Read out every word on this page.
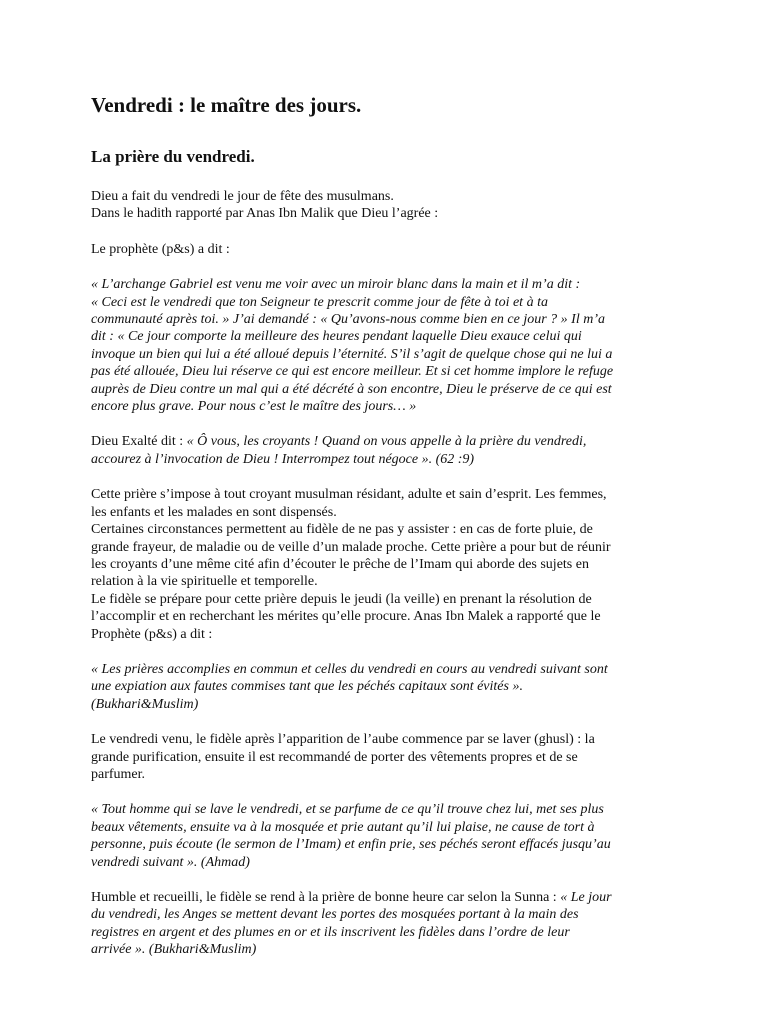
Vendredi : le maître des jours.
La prière du vendredi.

Dieu a fait du vendredi le jour de fête des musulmans.
Dans le hadith rapporté par Anas Ibn Malik que Dieu l’agrée :

Le prophète (p&s) a dit :

« L’archange Gabriel est venu me voir avec un miroir blanc dans la main et il m’a dit :
« Ceci est le vendredi que ton Seigneur te prescrit comme jour de fête à toi et à ta
communauté après toi. » J’ai demandé : « Qu’avons-nous comme bien en ce jour ? » Il m’a
dit : « Ce jour comporte la meilleure des heures pendant laquelle Dieu exauce celui qui
invoque un bien qui lui a été alloué depuis l’éternité. S’il s’agit de quelque chose qui ne lui a
pas été allouée, Dieu lui réserve ce qui est encore meilleur. Et si cet homme implore le refuge
auprès de Dieu contre un mal qui a été décrété à son encontre, Dieu le préserve de ce qui est
encore plus grave. Pour nous c’est le maître des jours… »

Dieu Exalté dit : « Ô vous, les croyants ! Quand on vous appelle à la prière du vendredi,
accourez à l’invocation de Dieu ! Interrompez tout négoce ». (62 :9)

Cette prière s’impose à tout croyant musulman résidant, adulte et sain d’esprit. Les femmes,
les enfants et les malades en sont dispensés.
Certaines circonstances permettent au fidèle de ne pas y assister : en cas de forte pluie, de
grande frayeur, de maladie ou de veille d’un malade proche. Cette prière a pour but de réunir
les croyants d’une même cité afin d’écouter le prêche de l’Imam qui aborde des sujets en
relation à la vie spirituelle et temporelle.
Le fidèle se prépare pour cette prière depuis le jeudi (la veille) en prenant la résolution de
l’accomplir et en recherchant les mérites qu’elle procure. Anas Ibn Malek a rapporté que le
Prophète (p&s) a dit :

« Les prières accomplies en commun et celles du vendredi en cours au vendredi suivant sont
une expiation aux fautes commises tant que les péchés capitaux sont évités ».
(Bukhari&Muslim)

Le vendredi venu, le fidèle après l’apparition de l’aube commence par se laver (ghusl) : la
grande purification, ensuite il est recommandé de porter des vêtements propres et de se
parfumer.

« Tout homme qui se lave le vendredi, et se parfume de ce qu’il trouve chez lui, met ses plus
beaux vêtements, ensuite va à la mosquée et prie autant qu’il lui plaise, ne cause de tort à
personne, puis écoute (le sermon de l’Imam) et enfin prie, ses péchés seront effacés jusqu’au
vendredi suivant ». (Ahmad)

Humble et recueilli, le fidèle se rend à la prière de bonne heure car selon la Sunna : « Le jour
du vendredi, les Anges se mettent devant les portes des mosquées portant à la main des
registres en argent et des plumes en or et ils inscrivent les fidèles dans l’ordre de leur
arrivée ». (Bukhari&Muslim)
